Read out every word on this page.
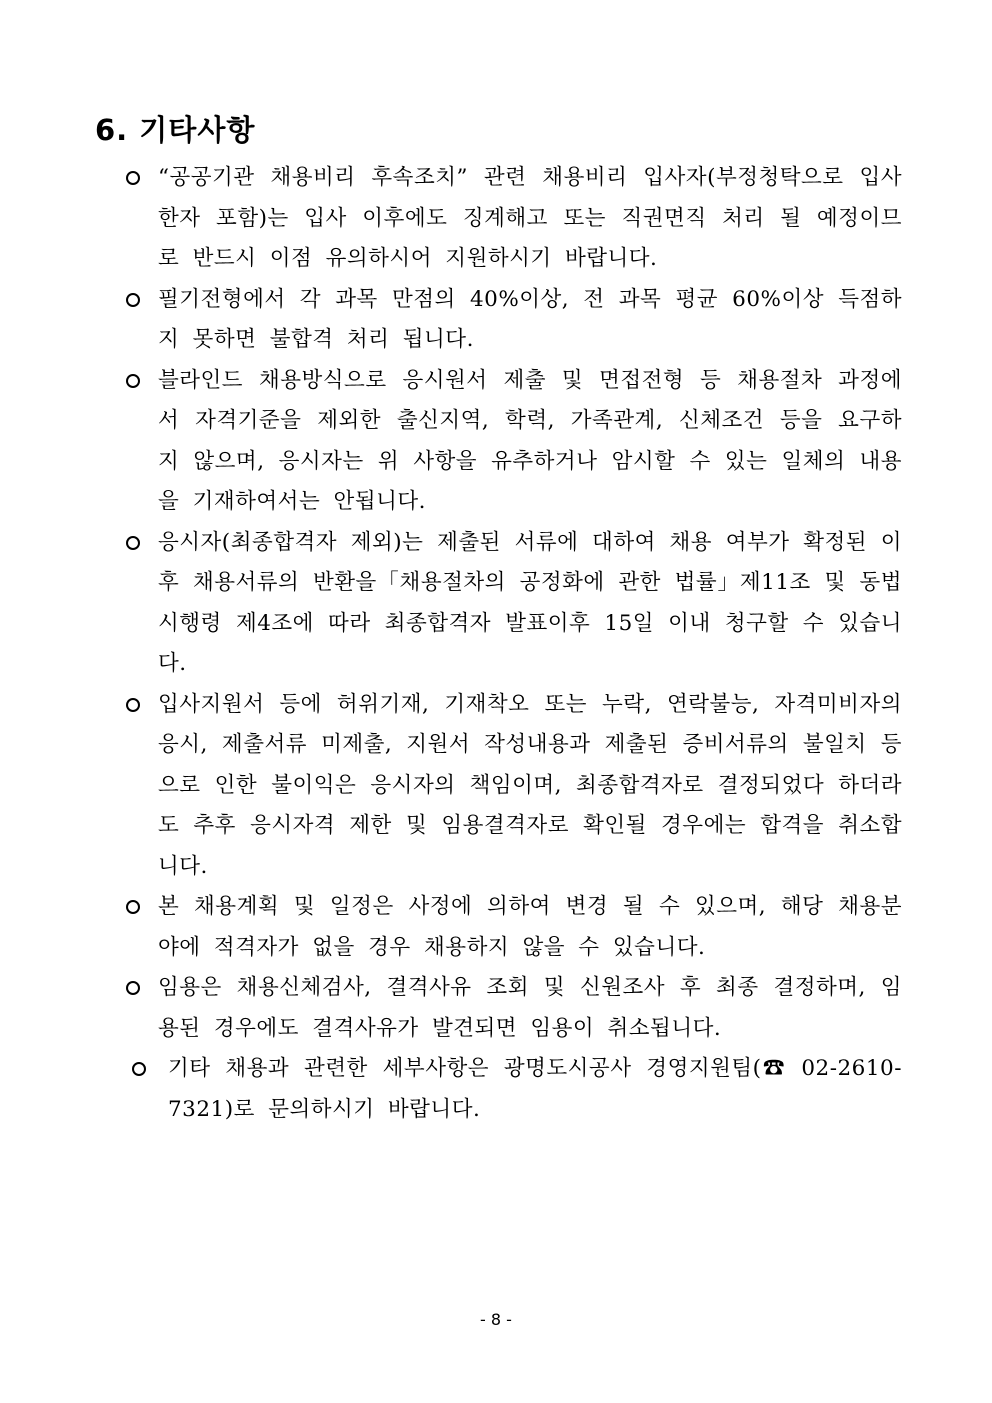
6. 기타사항
“공공기관 채용비리 후속조치” 관련 채용비리 입사자(부정청탁으로 입사한자 포함)는 입사 이후에도 징계해고 또는 직권면직 처리 될 예정이므로 반드시 이점 유의하시어 지원하시기 바랍니다.
필기전형에서 각 과목 만점의 40%이상, 전 과목 평균 60%이상 득점하지 못하면 불합격 처리 됩니다.
블라인드 채용방식으로 응시원서 제출 및 면접전형 등 채용절차 과정에서 자격기준을 제외한 출신지역, 학력, 가족관계, 신체조건 등을 요구하지 않으며, 응시자는 위 사항을 유추하거나 암시할 수 있는 일체의 내용을 기재하여서는 안됩니다.
응시자(최종합격자 제외)는 제출된 서류에 대하여 채용 여부가 확정된 이후 채용서류의 반환을「채용절차의 공정화에 관한 법률」제11조 및 동법 시행령 제4조에 따라 최종합격자 발표이후 15일 이내 청구할 수 있습니다.
입사지원서 등에 허위기재, 기재착오 또는 누락, 연락불능, 자격미비자의 응시, 제출서류 미제출, 지원서 작성내용과 제출된 증비서류의 불일치 등으로 인한 불이익은 응시자의 책임이며, 최종합격자로 결정되었다 하더라도 추후 응시자격 제한 및 임용결격자로 확인될 경우에는 합격을 취소합니다.
본 채용계획 및 일정은 사정에 의하여 변경 될 수 있으며, 해당 채용분야에 적격자가 없을 경우 채용하지 않을 수 있습니다.
임용은 채용신체검사, 결격사유 조회 및 신원조사 후 최종 결정하며, 임용된 경우에도 결격사유가 발견되면 임용이 취소됩니다.
기타 채용과 관련한 세부사항은 광명도시공사 경영지원팀(☎ 02-2610-7321)로 문의하시기 바랍니다.
- 8 -
